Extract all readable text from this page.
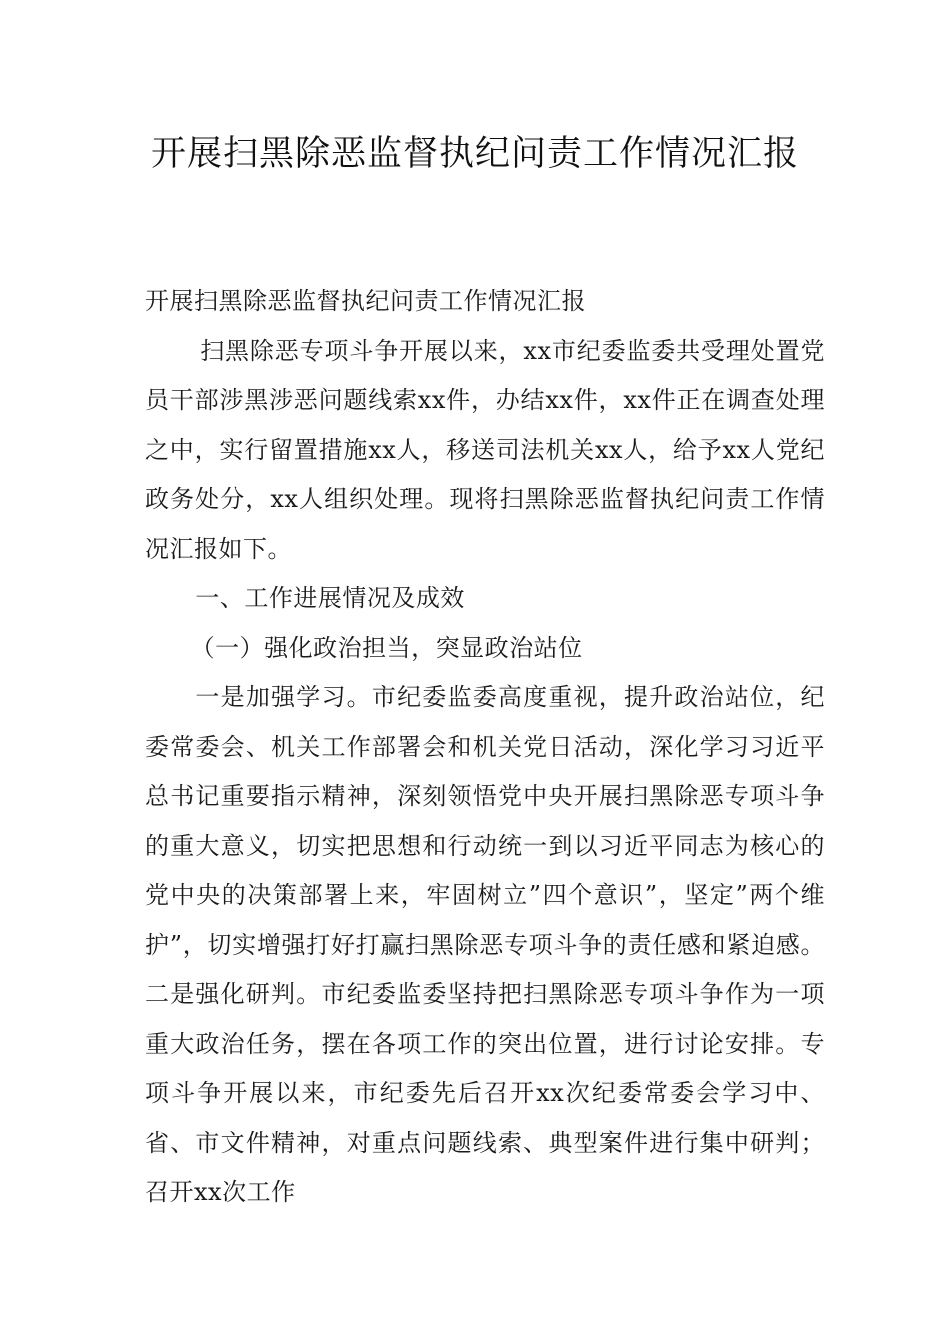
开展扫黑除恶监督执纪问责工作情况汇报

开展扫黑除恶监督执纪问责工作情况汇报

扫黑除恶专项斗争开展以来，xx市纪委监委共受理处置党员干部涉黑涉恶问题线索xx件，办结xx件，xx件正在调查处理之中，实行留置措施xx人，移送司法机关xx人，给予xx人党纪政务处分，xx人组织处理。现将扫黑除恶监督执纪问责工作情况汇报如下。

一、工作进展情况及成效

（一）强化政治担当，突显政治站位

一是加强学习。市纪委监委高度重视，提升政治站位，纪委常委会、机关工作部署会和机关党日活动，深化学习习近平总书记重要指示精神，深刻领悟党中央开展扫黑除恶专项斗争的重大意义，切实把思想和行动统一到以习近平同志为核心的党中央的决策部署上来，牢固树立”四个意识”，坚定”两个维护”，切实增强打好打赢扫黑除恶专项斗争的责任感和紧迫感。二是强化研判。市纪委监委坚持把扫黑除恶专项斗争作为一项重大政治任务，摆在各项工作的突出位置，进行讨论安排。专项斗争开展以来，市纪委先后召开xx次纪委常委会学习中、省、市文件精神，对重点问题线索、典型案件进行集中研判；召开xx次工作
